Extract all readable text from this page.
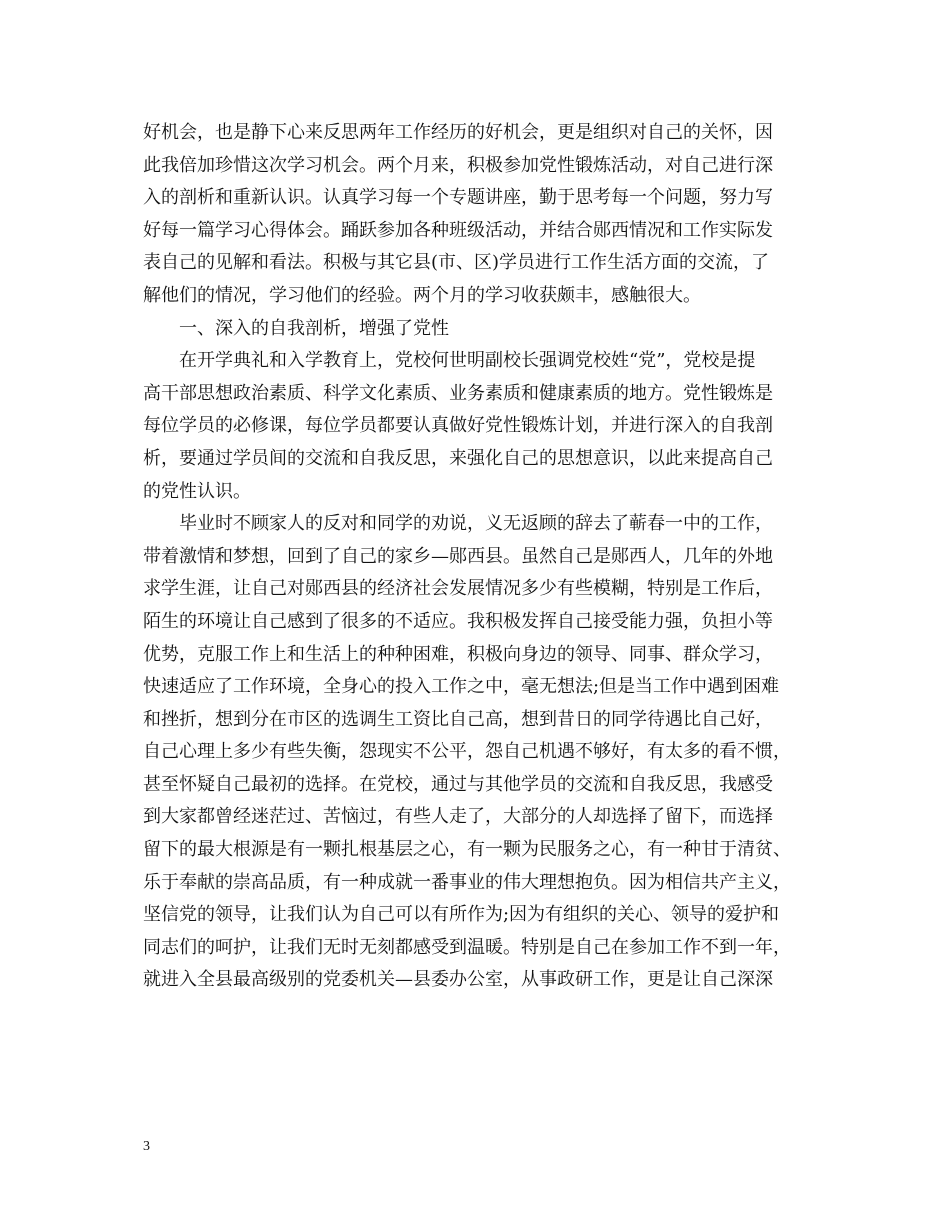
好机会，也是静下心来反思两年工作经历的好机会，更是组织对自己的关怀，因
此我倍加珍惜这次学习机会。两个月来，积极参加党性锻炼活动，对自己进行深
入的剖析和重新认识。认真学习每一个专题讲座，勤于思考每一个问题，努力写
好每一篇学习心得体会。踊跃参加各种班级活动，并结合郧西情况和工作实际发
表自己的见解和看法。积极与其它县(市、区)学员进行工作生活方面的交流，了
解他们的情况，学习他们的经验。两个月的学习收获颇丰，感触很大。
　　一、深入的自我剖析，增强了党性
　　在开学典礼和入学教育上，党校何世明副校长强调党校姓“党”，党校是提
高干部思想政治素质、科学文化素质、业务素质和健康素质的地方。党性锻炼是
每位学员的必修课，每位学员都要认真做好党性锻炼计划，并进行深入的自我剖
析，要通过学员间的交流和自我反思，来强化自己的思想意识，以此来提高自己
的党性认识。
　　毕业时不顾家人的反对和同学的劝说，义无返顾的辞去了蕲春一中的工作，
带着激情和梦想，回到了自己的家乡—郧西县。虽然自己是郧西人，几年的外地
求学生涯，让自己对郧西县的经济社会发展情况多少有些模糊，特别是工作后，
陌生的环境让自己感到了很多的不适应。我积极发挥自己接受能力强，负担小等
优势，克服工作上和生活上的种种困难，积极向身边的领导、同事、群众学习，
快速适应了工作环境，全身心的投入工作之中，毫无想法;但是当工作中遇到困难
和挫折，想到分在市区的选调生工资比自己高，想到昔日的同学待遇比自己好，
自己心理上多少有些失衡，怨现实不公平，怨自己机遇不够好，有太多的看不惯，
甚至怀疑自己最初的选择。在党校，通过与其他学员的交流和自我反思，我感受
到大家都曾经迷茫过、苦恼过，有些人走了，大部分的人却选择了留下，而选择
留下的最大根源是有一颗扎根基层之心，有一颗为民服务之心，有一种甘于清贫、
乐于奉献的崇高品质，有一种成就一番事业的伟大理想抱负。因为相信共产主义，
坚信党的领导，让我们认为自己可以有所作为;因为有组织的关心、领导的爱护和
同志们的呵护，让我们无时无刻都感受到温暖。特别是自己在参加工作不到一年，
就进入全县最高级别的党委机关—县委办公室，从事政研工作，更是让自己深深
3
